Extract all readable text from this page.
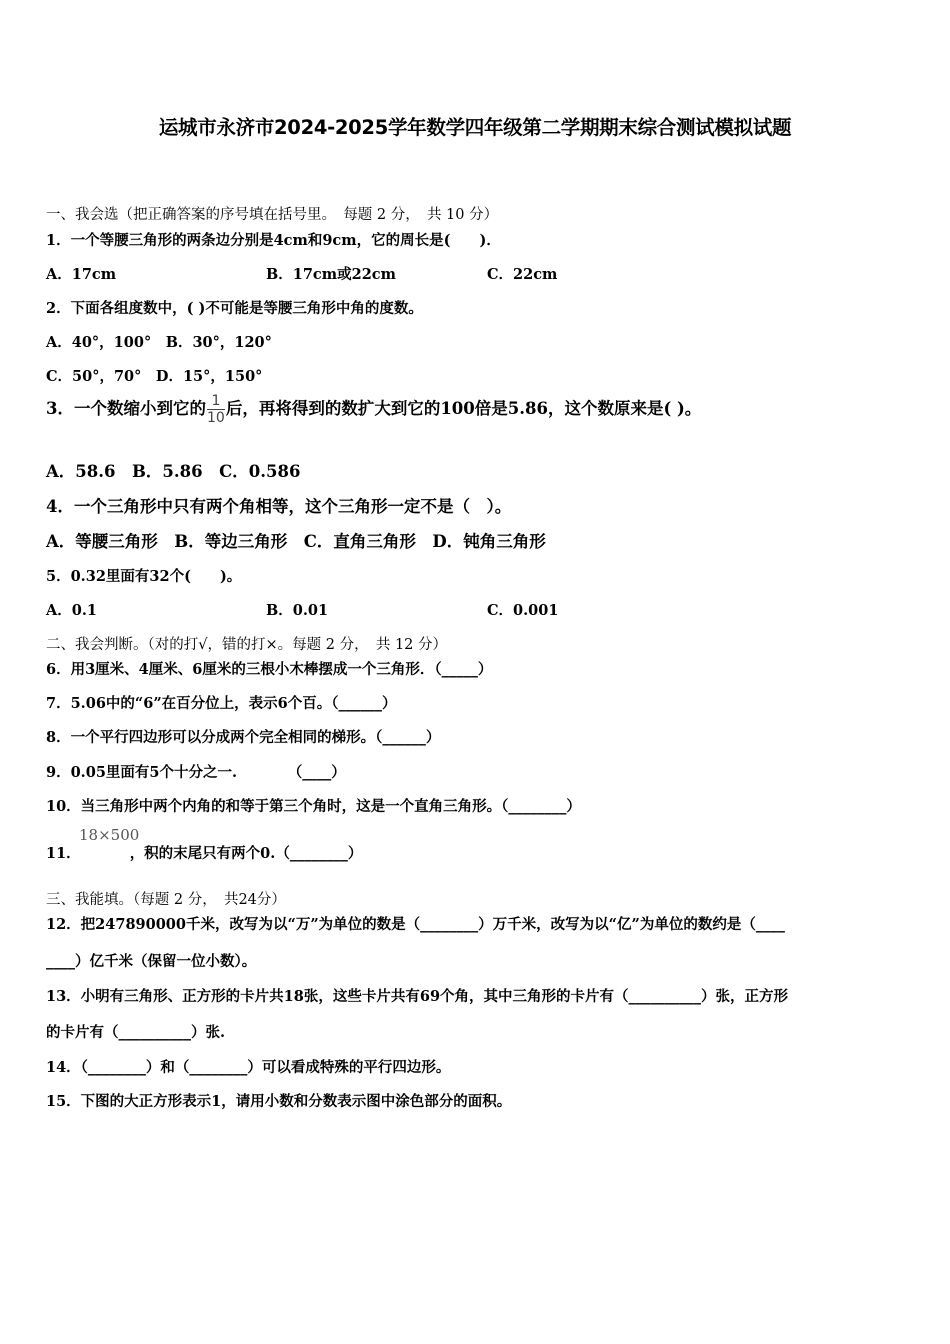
运城市永济市2024-2025学年数学四年级第二学期期末综合测试模拟试题
一、我会选（把正确答案的序号填在括号里。　每题 2 分，　共 10 分）
1．一个等腰三角形的两条边分别是4cm和9cm，它的周长是(　　)．
A．17cm	B．17cm或22cm	C．22cm
2．下面各组度数中，( )不可能是等腰三角形中角的度数。
A．40°，100°　B．30°，120°
C．50°，70°　D．15°，150°
3．一个数缩小到它的 $\frac{1}{10}$ 后，再将得到的数扩大到它的100倍是5.86，这个数原来是( )。
A．58.6　B．5.86　C．0.586
4．一个三角形中只有两个角相等，这个三角形一定不是（　）。
A．等腰三角形　B．等边三角形　C．直角三角形　D．钝角三角形
5．0.32里面有32个(　　)。
A．0.1	B．0.01	C．0.001
二、我会判断。（对的打√，错的打×。每题 2 分，　共 12 分）
6．用3厘米、4厘米、6厘米的三根小木棒摆成一个三角形．（_____）
7．5.06中的“6”在百分位上，表示6个百。（______）
8．一个平行四边形可以分成两个完全相同的梯形。（______）
9．0.05里面有5个十分之一.　　　　（____）
10．当三角形中两个内角的和等于第三个角时，这是一个直角三角形。（________）
18×500
11．	，积的末尾只有两个0.（________）
三、我能填。（每题 2 分，　共24分）
12．把247890000千米，改写为以“万”为单位的数是（________）万千米，改写为以“亿”为单位的数约是（____
____）亿千米（保留一位小数）。
13．小明有三角形、正方形的卡片共18张，这些卡片共有69个角，其中三角形的卡片有（__________）张，正方形
的卡片有（__________）张.
14．（________）和（________）可以看成特殊的平行四边形。
15．下图的大正方形表示1，请用小数和分数表示图中涂色部分的面积。
